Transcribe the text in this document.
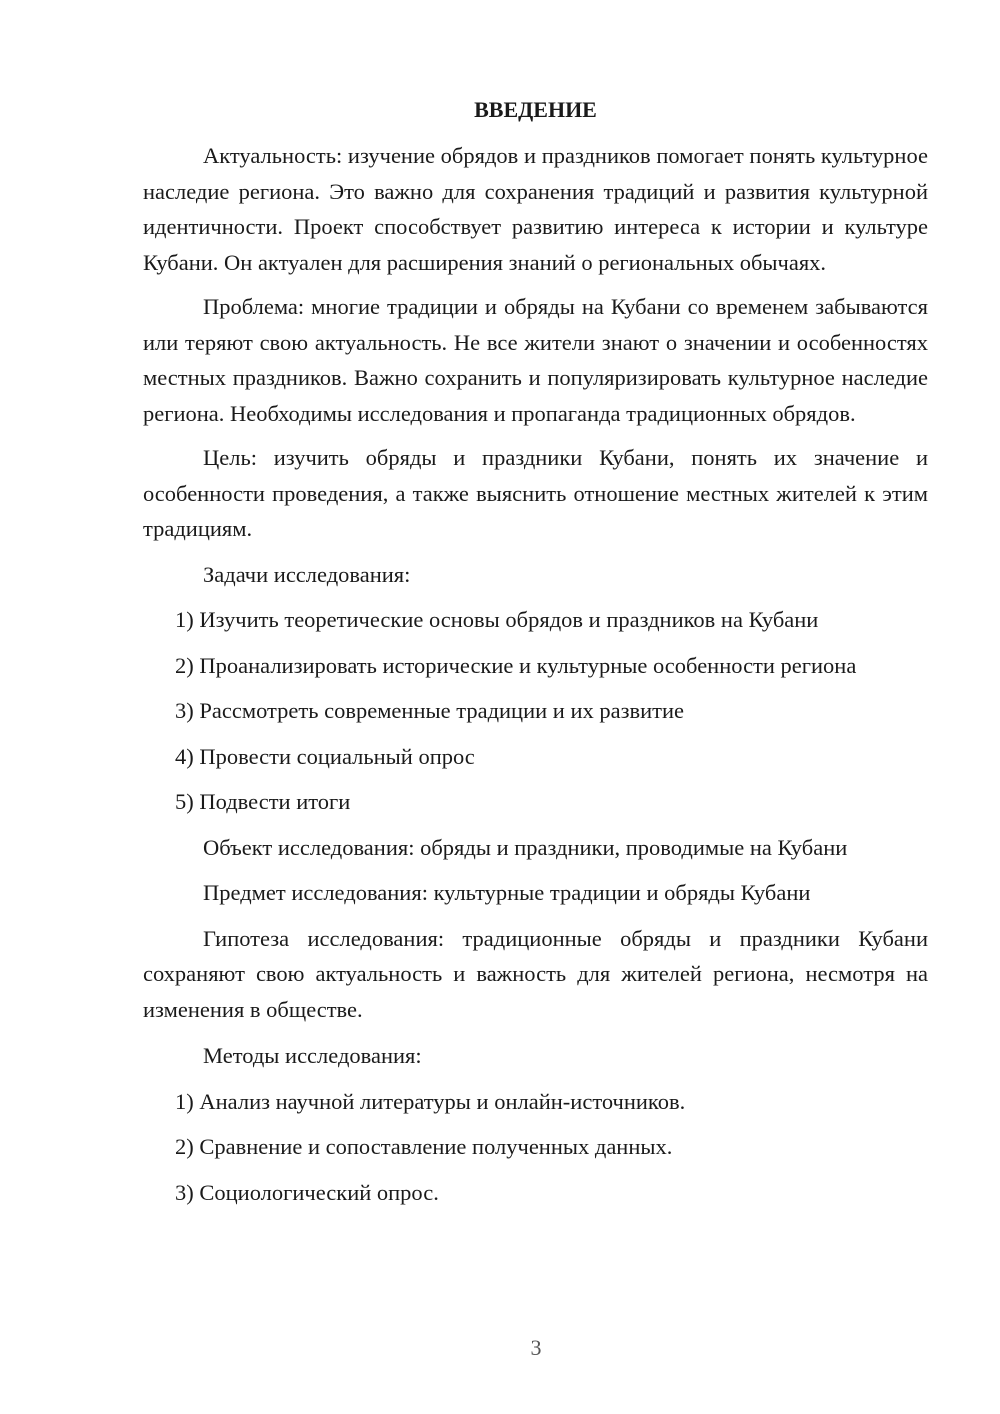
ВВЕДЕНИЕ

Актуальность: изучение обрядов и праздников помогает понять культурное наследие региона. Это важно для сохранения традиций и развития культурной идентичности. Проект способствует развитию интереса к истории и культуре Кубани. Он актуален для расширения знаний о региональных обычаях.

Проблема: многие традиции и обряды на Кубани со временем забываются или теряют свою актуальность. Не все жители знают о значении и особенностях местных праздников. Важно сохранить и популяризировать культурное наследие региона. Необходимы исследования и пропаганда традиционных обрядов.

Цель: изучить обряды и праздники Кубани, понять их значение и особенности проведения, а также выяснить отношение местных жителей к этим традициям.

Задачи исследования:

1) Изучить теоретические основы обрядов и праздников на Кубани

2) Проанализировать исторические и культурные особенности региона

3) Рассмотреть современные традиции и их развитие

4) Провести социальный опрос

5) Подвести итоги

Объект исследования: обряды и праздники, проводимые на Кубани

Предмет исследования: культурные традиции и обряды Кубани

Гипотеза исследования: традиционные обряды и праздники Кубани сохраняют свою актуальность и важность для жителей региона, несмотря на изменения в обществе.

Методы исследования:

1) Анализ научной литературы и онлайн-источников.

2) Сравнение и сопоставление полученных данных.

3) Социологический опрос.

3
